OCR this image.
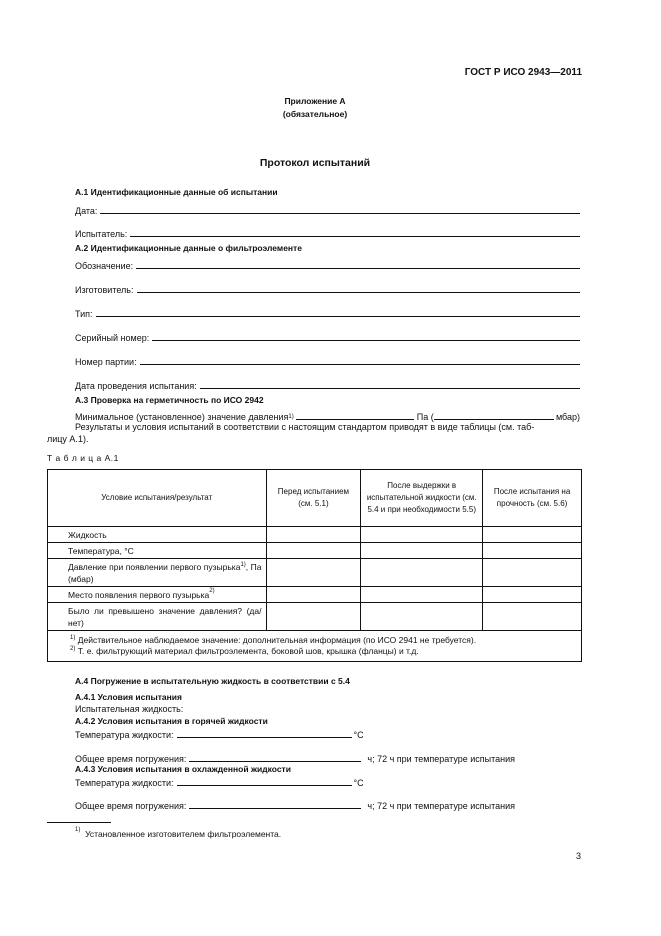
ГОСТ Р ИСО 2943—2011
Приложение А
(обязательное)
Протокол испытаний
А.1 Идентификационные данные об испытании
Дата:
Испытатель:
А.2 Идентификационные данные о фильтроэлементе
Обозначение:
Изготовитель:
Тип:
Серийный номер:
Номер партии:
Дата проведения испытания:
А.3 Проверка на герметичность по ИСО 2942
Минимальное (установленное) значение давления$^{1)}$	Па (	мбар)
Результаты и условия испытаний в соответствии с настоящим стандартом приводят в виде таблицы (см. таб-
лицу А.1).
Т а б л и ц а А.1
Условие испытания/результат	Перед испытанием (см. 5.1)	После выдержки в испытательной жидкости (см. 5.4 и при необходимости 5.5)	После испытания на прочность (см. 5.6)
Жидкость			
Температура, °С			
Давление при появлении первого пузырька$^{1)}$, Па (мбар)			
Место появления первого пузырька$^{2)}$			
Было ли превышено значение давления? (да/нет)			

$^{1)}$ Действительное наблюдаемое значение: дополнительная информация (по ИСО 2941 не требуется).
$^{2)}$ Т. е. фильтрующий материал фильтроэлемента, боковой шов, крышка (фланцы) и т.д.			
А.4 Погружение в испытательную жидкость в соответствии с 5.4
А.4.1 Условия испытания
Испытательная жидкость:
А.4.2 Условия испытания в горячей жидкости
Температура жидкости:	°С
Общее время погружения:	ч; 72 ч при температуре испытания
А.4.3 Условия испытания в охлажденной жидкости
Температура жидкости:	°С
Общее время погружения:	ч; 72 ч при температуре испытания
$^{1)}$ Установленное изготовителем фильтроэлемента.
3
